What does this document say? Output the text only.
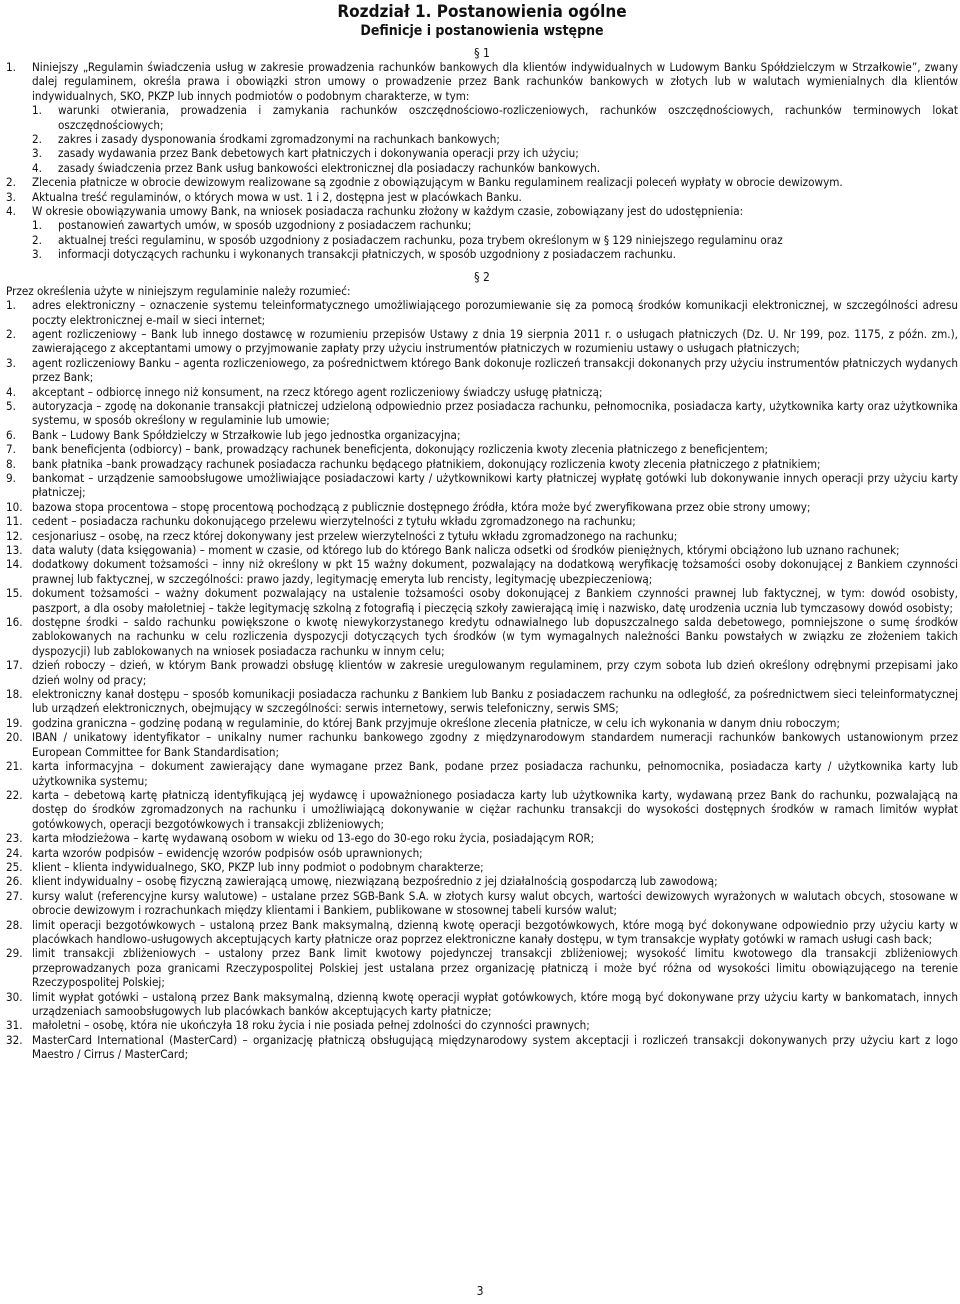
Rozdział 1. Postanowienia ogólne
Definicje i postanowienia wstępne
§ 1
1.	Niniejszy „Regulamin świadczenia usług w zakresie prowadzenia rachunków bankowych dla klientów indywidualnych w Ludowym Banku Spółdzielczym w Strzałkowie”, zwany dalej regulaminem, określa prawa i obowiązki stron umowy o prowadzenie przez Bank rachunków bankowych w złotych lub w walutach wymienialnych dla klientów indywidualnych, SKO, PKZP lub innych podmiotów o podobnym charakterze, w tym:
1.	warunki otwierania, prowadzenia i zamykania rachunków oszczędnościowo-rozliczeniowych, rachunków oszczędnościowych, rachunków terminowych lokat oszczędnościowych;
2.	zakres i zasady dysponowania środkami zgromadzonymi na rachunkach bankowych;
3.	zasady wydawania przez Bank debetowych kart płatniczych i dokonywania operacji przy ich użyciu;
4.	zasady świadczenia przez Bank usług bankowości elektronicznej dla posiadaczy rachunków bankowych.
2.	Zlecenia płatnicze w obrocie dewizowym realizowane są zgodnie z obowiązującym w Banku regulaminem realizacji poleceń wypłaty w obrocie dewizowym.
3.	Aktualna treść regulaminów, o których mowa w ust. 1 i 2, dostępna jest w placówkach Banku.
4.	W okresie obowiązywania umowy Bank, na wniosek posiadacza rachunku złożony w każdym czasie, zobowiązany jest do udostępnienia:
1.	postanowień zawartych umów, w sposób uzgodniony z posiadaczem rachunku;
2.	aktualnej treści regulaminu, w sposób uzgodniony z posiadaczem rachunku, poza trybem określonym w § 129 niniejszego regulaminu oraz
3.	informacji dotyczących rachunku i wykonanych transakcji płatniczych, w sposób uzgodniony z posiadaczem rachunku.
§ 2
Przez określenia użyte w niniejszym regulaminie należy rozumieć:
1.	adres elektroniczny – oznaczenie systemu teleinformatycznego umożliwiającego porozumiewanie się za pomocą środków komunikacji elektronicznej, w szczególności adresu poczty elektronicznej e-mail w sieci internet;
2.	agent rozliczeniowy – Bank lub innego dostawcę w rozumieniu przepisów Ustawy z dnia 19 sierpnia 2011 r. o usługach płatniczych (Dz. U. Nr 199, poz. 1175, z późn. zm.), zawierającego z akceptantami umowy o przyjmowanie zapłaty przy użyciu instrumentów płatniczych w rozumieniu ustawy o usługach płatniczych;
3.	agent rozliczeniowy Banku – agenta rozliczeniowego, za pośrednictwem którego Bank dokonuje rozliczeń transakcji dokonanych przy użyciu instrumentów płatniczych wydanych przez Bank;
4.	akceptant – odbiorcę innego niż konsument, na rzecz którego agent rozliczeniowy świadczy usługę płatniczą;
5.	autoryzacja – zgodę na dokonanie transakcji płatniczej udzieloną odpowiednio przez posiadacza rachunku, pełnomocnika, posiadacza karty, użytkownika karty oraz użytkownika systemu, w sposób określony w regulaminie lub umowie;
6.	Bank – Ludowy Bank Spółdzielczy w Strzałkowie lub jego jednostka organizacyjna;
7.	bank beneficjenta (odbiorcy) – bank, prowadzący rachunek beneficjenta, dokonujący rozliczenia kwoty zlecenia płatniczego z beneficjentem;
8.	bank płatnika –bank prowadzący rachunek posiadacza rachunku będącego płatnikiem, dokonujący rozliczenia kwoty zlecenia płatniczego z płatnikiem;
9.	bankomat – urządzenie samoobsługowe umożliwiające posiadaczowi karty / użytkownikowi karty płatniczej wypłatę gotówki lub dokonywanie innych operacji przy użyciu karty płatniczej;
10. bazowa stopa procentowa – stopę procentową pochodzącą z publicznie dostępnego źródła, która może być zweryfikowana przez obie strony umowy;
11. cedent – posiadacza rachunku dokonującego przelewu wierzytelności z tytułu wkładu zgromadzonego na rachunku;
12. cesjonariusz – osobę, na rzecz której dokonywany jest przelew wierzytelności z tytułu wkładu zgromadzonego na rachunku;
13. data waluty (data księgowania) – moment w czasie, od którego lub do którego Bank nalicza odsetki od środków pieniężnych, którymi obciążono lub uznano rachunek;
14. dodatkowy dokument tożsamości – inny niż określony w pkt 15 ważny dokument, pozwalający na dodatkową weryfikację tożsamości osoby dokonującej z Bankiem czynności prawnej lub faktycznej, w szczególności: prawo jazdy, legitymację emeryta lub rencisty, legitymację ubezpieczeniową;
15. dokument tożsamości – ważny dokument pozwalający na ustalenie tożsamości osoby dokonującej z Bankiem czynności prawnej lub faktycznej, w tym: dowód osobisty, paszport, a dla osoby małoletniej – także legitymację szkolną z fotografią i pieczęcią szkoły zawierającą imię i nazwisko, datę urodzenia ucznia lub tymczasowy dowód osobisty;
16. dostępne środki – saldo rachunku powiększone o kwotę niewykorzystanego kredytu odnawialnego lub dopuszczalnego salda debetowego, pomniejszone o sumę środków zablokowanych na rachunku w celu rozliczenia dyspozycji dotyczących tych środków (w tym wymagalnych należności Banku powstałych w związku ze złożeniem takich dyspozycji) lub zablokowanych na wniosek posiadacza rachunku w innym celu;
17. dzień roboczy – dzień, w którym Bank prowadzi obsługę klientów w zakresie uregulowanym regulaminem, przy czym sobota lub dzień określony odrębnymi przepisami jako dzień wolny od pracy;
18. elektroniczny kanał dostępu – sposób komunikacji posiadacza rachunku z Bankiem lub Banku z posiadaczem rachunku na odległość, za pośrednictwem sieci teleinformatycznej lub urządzeń elektronicznych, obejmujący w szczególności: serwis internetowy, serwis telefoniczny, serwis SMS;
19. godzina graniczna – godzinę podaną w regulaminie, do której Bank przyjmuje określone zlecenia płatnicze, w celu ich wykonania w danym dniu roboczym;
20. IBAN / unikatowy identyfikator – unikalny numer rachunku bankowego zgodny z międzynarodowym standardem numeracji rachunków bankowych ustanowionym przez European Committee for Bank Standardisation;
21. karta informacyjna – dokument zawierający dane wymagane przez Bank, podane przez posiadacza rachunku, pełnomocnika, posiadacza karty / użytkownika karty lub użytkownika systemu;
22. karta – debetową kartę płatniczą identyfikującą jej wydawcę i upoważnionego posiadacza karty lub użytkownika karty, wydawaną przez Bank do rachunku, pozwalającą na dostęp do środków zgromadzonych na rachunku i umożliwiającą dokonywanie w ciężar rachunku transakcji do wysokości dostępnych środków w ramach limitów wypłat gotówkowych, operacji bezgotówkowych i transakcji zbliżeniowych;
23. karta młodzieżowa – kartę wydawaną osobom w wieku od 13-ego do 30-ego roku życia, posiadającym ROR;
24. karta wzorów podpisów – ewidencję wzorów podpisów osób uprawnionych;
25. klient – klienta indywidualnego, SKO, PKZP lub inny podmiot o podobnym charakterze;
26. klient indywidualny – osobę fizyczną zawierającą umowę, niezwiązaną bezpośrednio z jej działalnością gospodarczą lub zawodową;
27. kursy walut (referencyjne kursy walutowe) – ustalane przez SGB-Bank S.A. w złotych kursy walut obcych, wartości dewizowych wyrażonych w walutach obcych, stosowane w obrocie dewizowym i rozrachunkach między klientami i Bankiem, publikowane w stosownej tabeli kursów walut;
28. limit operacji bezgotówkowych – ustaloną przez Bank maksymalną, dzienną kwotę operacji bezgotówkowych, które mogą być dokonywane odpowiednio przy użyciu karty w placówkach handlowo-usługowych akceptujących karty płatnicze oraz poprzez elektroniczne kanały dostępu, w tym transakcje wypłaty gotówki w ramach usługi cash back;
29. limit transakcji zbliżeniowych – ustalony przez Bank limit kwotowy pojedynczej transakcji zbliżeniowej; wysokość limitu kwotowego dla transakcji zbliżeniowych przeprowadzanych poza granicami Rzeczypospolitej Polskiej jest ustalana przez organizację płatniczą i może być różna od wysokości limitu obowiązującego na terenie Rzeczypospolitej Polskiej;
30. limit wypłat gotówki – ustaloną przez Bank maksymalną, dzienną kwotę operacji wypłat gotówkowych, które mogą być dokonywane przy użyciu karty w bankomatach, innych urządzeniach samoobsługowych lub placówkach banków akceptujących karty płatnicze;
31. małoletni – osobę, która nie ukończyła 18 roku życia i nie posiada pełnej zdolności do czynności prawnych;
32. MasterCard International (MasterCard) – organizację płatniczą obsługującą międzynarodowy system akceptacji i rozliczeń transakcji dokonywanych przy użyciu kart z logo Maestro / Cirrus / MasterCard;
3
